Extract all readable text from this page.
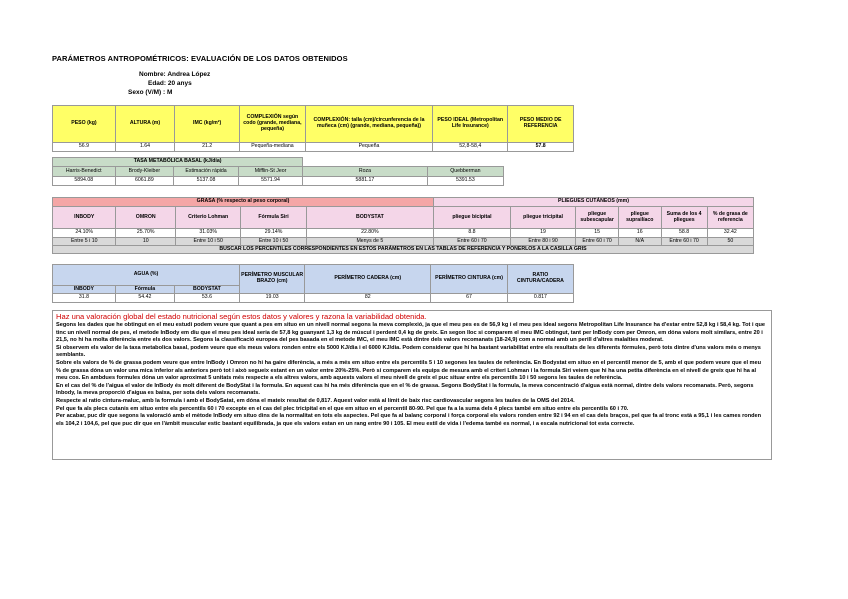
PARÁMETROS ANTROPOMÉTRICOS: EVALUACIÓN DE LOS DATOS OBTENIDOS
Nombre: Andrea López
Edad: 20 anys
Sexo (V/M) : M
PESO (kg)	ALTURA (m)	IMC (kg/m²)	COMPLEXIÓN según codo (grande, mediana, pequeña)	COMPLEXIÓN: talla (cm)/circunferencia de la muñeca (cm) (grande, mediana, pequeña))	PESO IDEAL (Metropolitan Life Insurance)	PESO MEDIO DE REFERENCIA
56.9	1.64	21.2	Pequeña-mediana	Pequeña	52,8-58,4	57.8
TASA METABÓLICA BASAL (kJ/día)					
Harris-Benedict	Brody-Kleiber	Estimación rápida	Mifflin-St Jeor	Roza	Quebberman
5894.08	6061.89	5137.08	5571.94	5881.17	5391.53
GRASA (% respecto al peso corporal)					PLIEGUES CUTÁNEOS (mm)					
INBODY	OMRON	Criterio Lohman	Fórmula Siri	BODYSTAT	pliegue bicipital	pliegue tricipital	pliegue subescapular	pliegue suprailíaco	Suma de los 4 pliegues	% de grasa de referencia
24.10%	25.70%	31.03%	29.14%	22.80%	8.8	19	15	16	58.8	32.42
Entre 5 i 10	10	Entre 10 i 50	Entre 10 i 50	Menys de 5	Entre 60 i 70	Entre 80 i 90	Entre 60 i 70	N/A	Entre 60 i 70	50
BUSCAR LOS PERCENTILES CORRESPONDIENTES EN ESTOS PARÁMETROS EN LAS TABLAS DE REFERENCIA Y PONERLOS A LA CASILLA GRIS										
AGUA (%)			PERÍMETRO MUSCULAR BRAZO (cm)	PERÍMETRO CADERA (cm)	PERÍMETRO CINTURA (cm)	RATIO CINTURA/CADERA
INBODY	Fórmula	BODYSTAT				
31.8	54.42	53.6	19.03	82	67	0.817
Haz una valoración global del estado nutricional según estos datos y valores y razona la variabilidad obtenida.

Segons les dades que he obtingut en el meu estudi podem veure que quant a pes em situo en un nivell normal segons la meva complexió, ja que el meu pes es de 56,9 kg i el meu pes ideal segons Metropolitan Life Insurance ha d'estar entre 52,8 kg i 58,4 kg. Tot i que tinc un nivell normal de pes, el metode InBody em diu que el meu pes ideal seria de 57,8 kg guanyant 1,3 kg de múscul i perdent 0,4 kg de greix. En segon lloc si comparem el meu IMC obtingut, tant per InBody com per Omron, em dóna valors molt similars, entre 20 i 21,5, no hi ha molta diferència entre els dos valors. Segons la classificació europea del pes basada en el metode IMC, el meu IMC està dintre dels valors recomanats (18-24,9) com a normal amb un perill d'altres malalties moderat.

Si observem els valor de la taxa metabolica basal, podem veure que els meus valors ronden entre els 5000 KJ/dia i el 6000 KJ/dia. Podem considerar que hi ha bastant variabilitat entre els resultats de les diferents fórmules, però tots dintre d'uns valors més o menys semblants.

Sobre els valors de % de grassa podem veure que entre InBody i Omron no hi ha gaire diferència, a més a més em situo entre els percentils 5 i 10 segones les taules de referència. En Bodystat em situo en el percentil menor de 5, amb el que podem veure que el meu % de grassa dóna un valor una mica inferior als anteriors però tot i això segueix estant en un valor entre 20%-25%. Però si comparem els equips de mesura amb el criteri Lohman i la formula Siri veiem que hi ha una petita diferència en el nivell de greix que hi ha al meu cos. En ambdues formules dóna un valor aproximat 5 unitats més respecte a els altres valors, amb aquests valors el meu nivell de greix el puc situar entre els percentils 10 i 50 segons les taules de referència.

En el cas del % de l'aigua el valor de InBody és molt diferent de BodyStat i la formula. En aquest cas hi ha més diferència que en el % de grassa. Segons BodyStat i la formula, la meva concentració d'aigua està normal, dintre dels valors recomanats. Però, segons Inbody, la meva proporció d'aigua es baixa, per sota dels valors recomanats.

Respecte al ratio cintura-maluc, amb la formula i amb el BodySatat, em dóna el mateix resultat de 0,817. Aquest valor està al límit de baix risc cardiovascular segons les taules de la OMS del 2014.

Pel que fa als plecs cutanis em situo entre els percentils 60 i 70 excepte en el cas del plec tricipital en el que em situo en el percentil 80-90. Pel que fa a la suma dels 4 plecs també em situo entre els percentils 60 i 70.

Per acabar, puc dir que segons la valoració amb el mètode InBody em situo dins de la normalitat en tots els aspectes. Pel que fa al balanç corporal i força corporal els valors ronden entre 92 i 94 en el cas dels braços, pel que fa al tronc està a 95,1 i les cames ronden els 104,2 i 104,6, pel que puc dir que en l'àmbit muscular estic bastant equilibrada, ja que els valors estan en un rang entre 90 i 105. El meu estil de vida i l'edema també es normal, i a escala nutricional tot esta correcte.
